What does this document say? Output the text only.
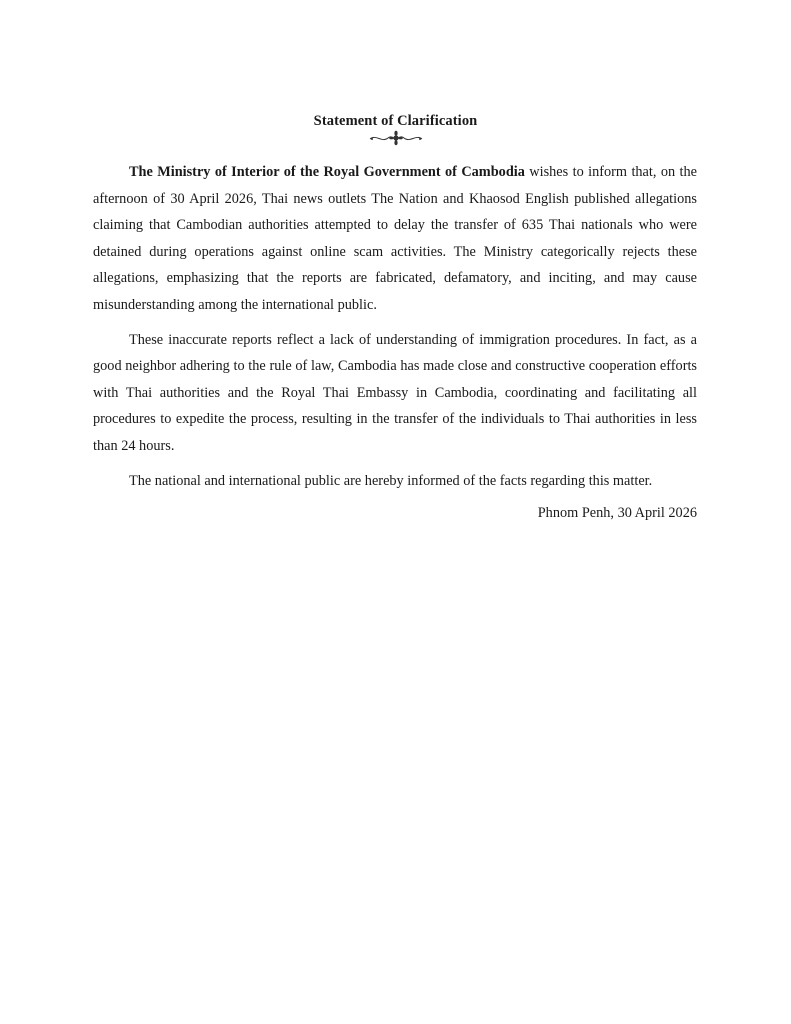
Statement of Clarification

The Ministry of Interior of the Royal Government of Cambodia wishes to inform that, on the afternoon of 30 April 2026, Thai news outlets The Nation and Khaosod English published allegations claiming that Cambodian authorities attempted to delay the transfer of 635 Thai nationals who were detained during operations against online scam activities. The Ministry categorically rejects these allegations, emphasizing that the reports are fabricated, defamatory, and inciting, and may cause misunderstanding among the international public.

These inaccurate reports reflect a lack of understanding of immigration procedures. In fact, as a good neighbor adhering to the rule of law, Cambodia has made close and constructive cooperation efforts with Thai authorities and the Royal Thai Embassy in Cambodia, coordinating and facilitating all procedures to expedite the process, resulting in the transfer of the individuals to Thai authorities in less than 24 hours.

The national and international public are hereby informed of the facts regarding this matter.

Phnom Penh, 30 April 2026
